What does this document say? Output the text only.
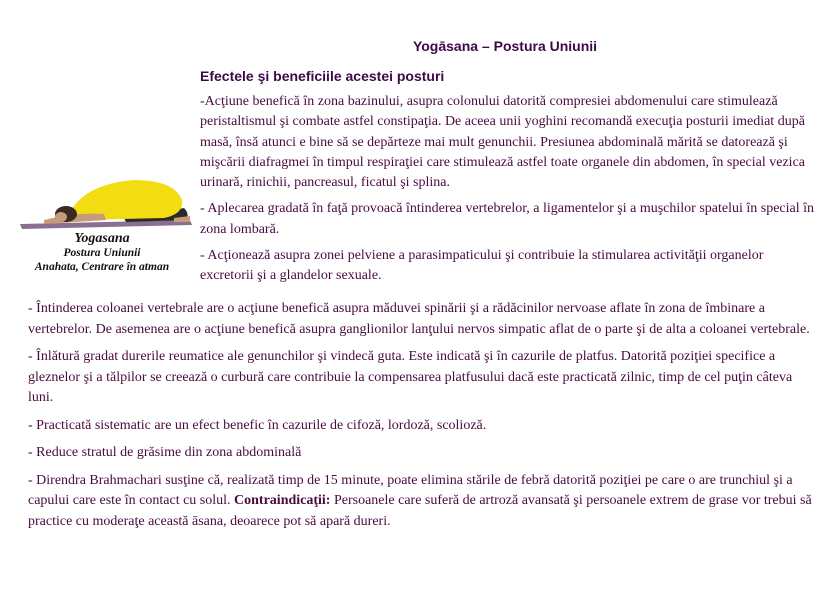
Yogāsana – Postura Uniunii
Efectele şi beneficiile acestei posturi

-Acţiune benefică în zona bazinului, asupra colonului datorită compresiei abdomenului care stimulează peristaltismul şi combate astfel constipaţia. De aceea unii yoghini recomandă execuţia posturii imediat după masă, însă atunci e bine să se depărteze mai mult genunchii. Presiunea abdominală mărită se datorează şi mişcării diafragmei în timpul respiraţiei care stimulează astfel toate organele din abdomen, în special vezica urinară, rinichii, pancreasul, ficatul şi splina.

- Aplecarea gradată în faţă provoacă întinderea vertebrelor, a ligamentelor şi a muşchilor spatelui în special în zona lombară.

- Acţionează asupra zonei pelviene a parasimpaticului şi contribuie la stimularea activităţii organelor excretorii şi a glandelor sexuale.

Yogasana
Postura Uniunii
Anahata, Centrare în atman

- Întinderea coloanei vertebrale are o acţiune benefică asupra măduvei spinării şi a rădăcinilor nervoase aflate în zona de îmbinare a vertebrelor. De asemenea are o acţiune benefică asupra ganglionilor lanţului nervos simpatic aflat de o parte şi de alta a coloanei vertebrale.

- Înlătură gradat durerile reumatice ale genunchilor şi vindecă guta. Este indicată şi în cazurile de platfus. Datorită poziţiei specifice a gleznelor şi a tălpilor se creează o curbură care contribuie la compensarea platfusului dacă este practicată zilnic, timp de cel puţin câteva luni.

- Practicată sistematic are un efect benefic în cazurile de cifoză, lordoză, scolioză.

- Reduce stratul de grăsime din zona abdominală

- Direndra Brahmachari susţine că, realizată timp de 15 minute, poate elimina stările de febră datorită poziţiei pe care o are trunchiul şi a capului care este în contact cu solul. Contraindicaţii: Persoanele care suferă de artroză avansată şi persoanele extrem de grase vor trebui să practice cu moderaţe această āsana, deoarece pot să apară dureri.
